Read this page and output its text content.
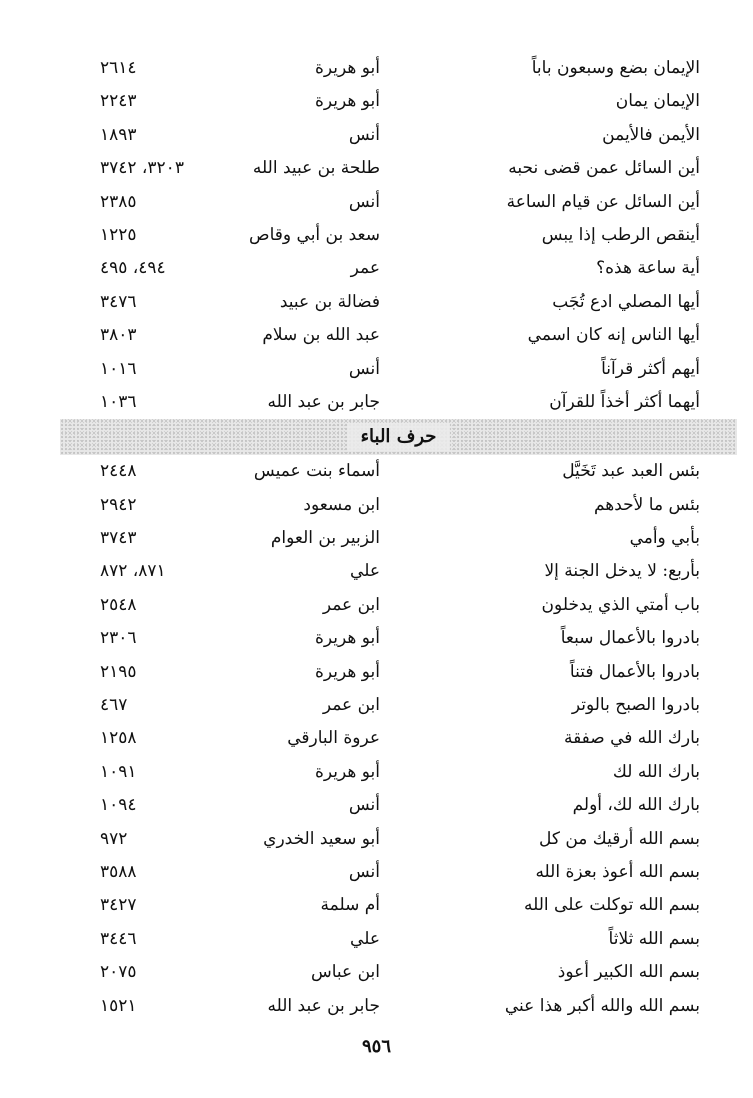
الإيمان بضع وسبعون باباً
أبو هريرة
٢٦١٤
الإيمان يمان
أبو هريرة
٢٢٤٣
الأيمن فالأيمن
أنس
١٨٩٣
أين السائل عمن قضى نحبه
طلحة بن عبيد الله
٣٢٠٣، ٣٧٤٢
أين السائل عن قيام الساعة
أنس
٢٣٨٥
أينقص الرطب إذا يبس
سعد بن أبي وقاص
١٢٢٥
أية ساعة هذه؟
عمر
٤٩٤، ٤٩٥
أيها المصلي ادع تُجَب
فضالة بن عبيد
٣٤٧٦
أيها الناس إنه كان اسمي
عبد الله بن سلام
٣٨٠٣
أيهم أكثر قرآناً
أنس
١٠١٦
أيهما أكثر أخذاً للقرآن
جابر بن عبد الله
١٠٣٦
حرف الباء
بئس العبد عبد تَخَيَّل
أسماء بنت عميس
٢٤٤٨
بئس ما لأحدهم
ابن مسعود
٢٩٤٢
بأبي وأمي
الزبير بن العوام
٣٧٤٣
بأربع: لا يدخل الجنة إلا
علي
٨٧١، ٨٧٢
باب أمتي الذي يدخلون
ابن عمر
٢٥٤٨
بادروا بالأعمال سبعاً
أبو هريرة
٢٣٠٦
بادروا بالأعمال فتناً
أبو هريرة
٢١٩٥
بادروا الصبح بالوتر
ابن عمر
٤٦٧
بارك الله في صفقة
عروة البارقي
١٢٥٨
بارك الله لك
أبو هريرة
١٠٩١
بارك الله لك، أولم
أنس
١٠٩٤
بسم الله أرقيك من كل
أبو سعيد الخدري
٩٧٢
بسم الله أعوذ بعزة الله
أنس
٣٥٨٨
بسم الله توكلت على الله
أم سلمة
٣٤٢٧
بسم الله ثلاثاً
علي
٣٤٤٦
بسم الله الكبير أعوذ
ابن عباس
٢٠٧٥
بسم الله والله أكبر هذا عني
جابر بن عبد الله
١٥٢١
٩٥٦
